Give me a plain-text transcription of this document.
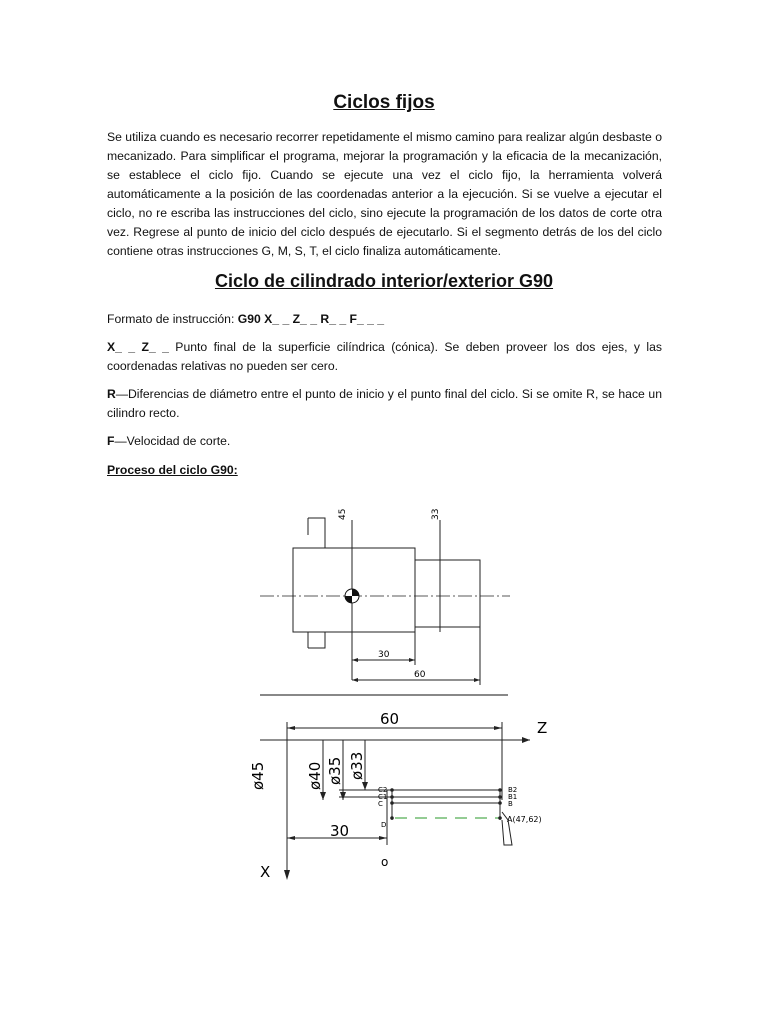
Ciclos fijos

Se utiliza cuando es necesario recorrer repetidamente el mismo camino para realizar algún desbaste o mecanizado. Para simplificar el programa, mejorar la programación y la eficacia de la mecanización, se establece el ciclo fijo. Cuando se ejecute una vez el ciclo fijo, la herramienta volverá automáticamente a la posición de las coordenadas anterior a la ejecución. Si se vuelve a ejecutar el ciclo, no re escriba las instrucciones del ciclo, sino ejecute la programación de los datos de corte otra vez. Regrese al punto de inicio del ciclo después de ejecutarlo. Si el segmento detrás de los del ciclo contiene otras instrucciones G, M, S, T, el ciclo finaliza automáticamente.

Ciclo de cilindrado interior/exterior G90

Formato de instrucción: G90 X_ _ Z_ _ R_ _ F_ _ _

X_ _ Z_ _ Punto final de la superficie cilíndrica (cónica). Se deben proveer los dos ejes, y las coordenadas relativas no pueden ser cero.

R—Diferencias de diámetro entre el punto de inicio y el punto final del ciclo. Si se omite R, se hace un cilindro recto.

F—Velocidad de corte.

Proceso del ciclo G90:

45	33
30
60
60	Z
X
ø45	ø40 ø35 ø33
30
C2
C1
C
D
B2
B1
B
A(47,62)
o
